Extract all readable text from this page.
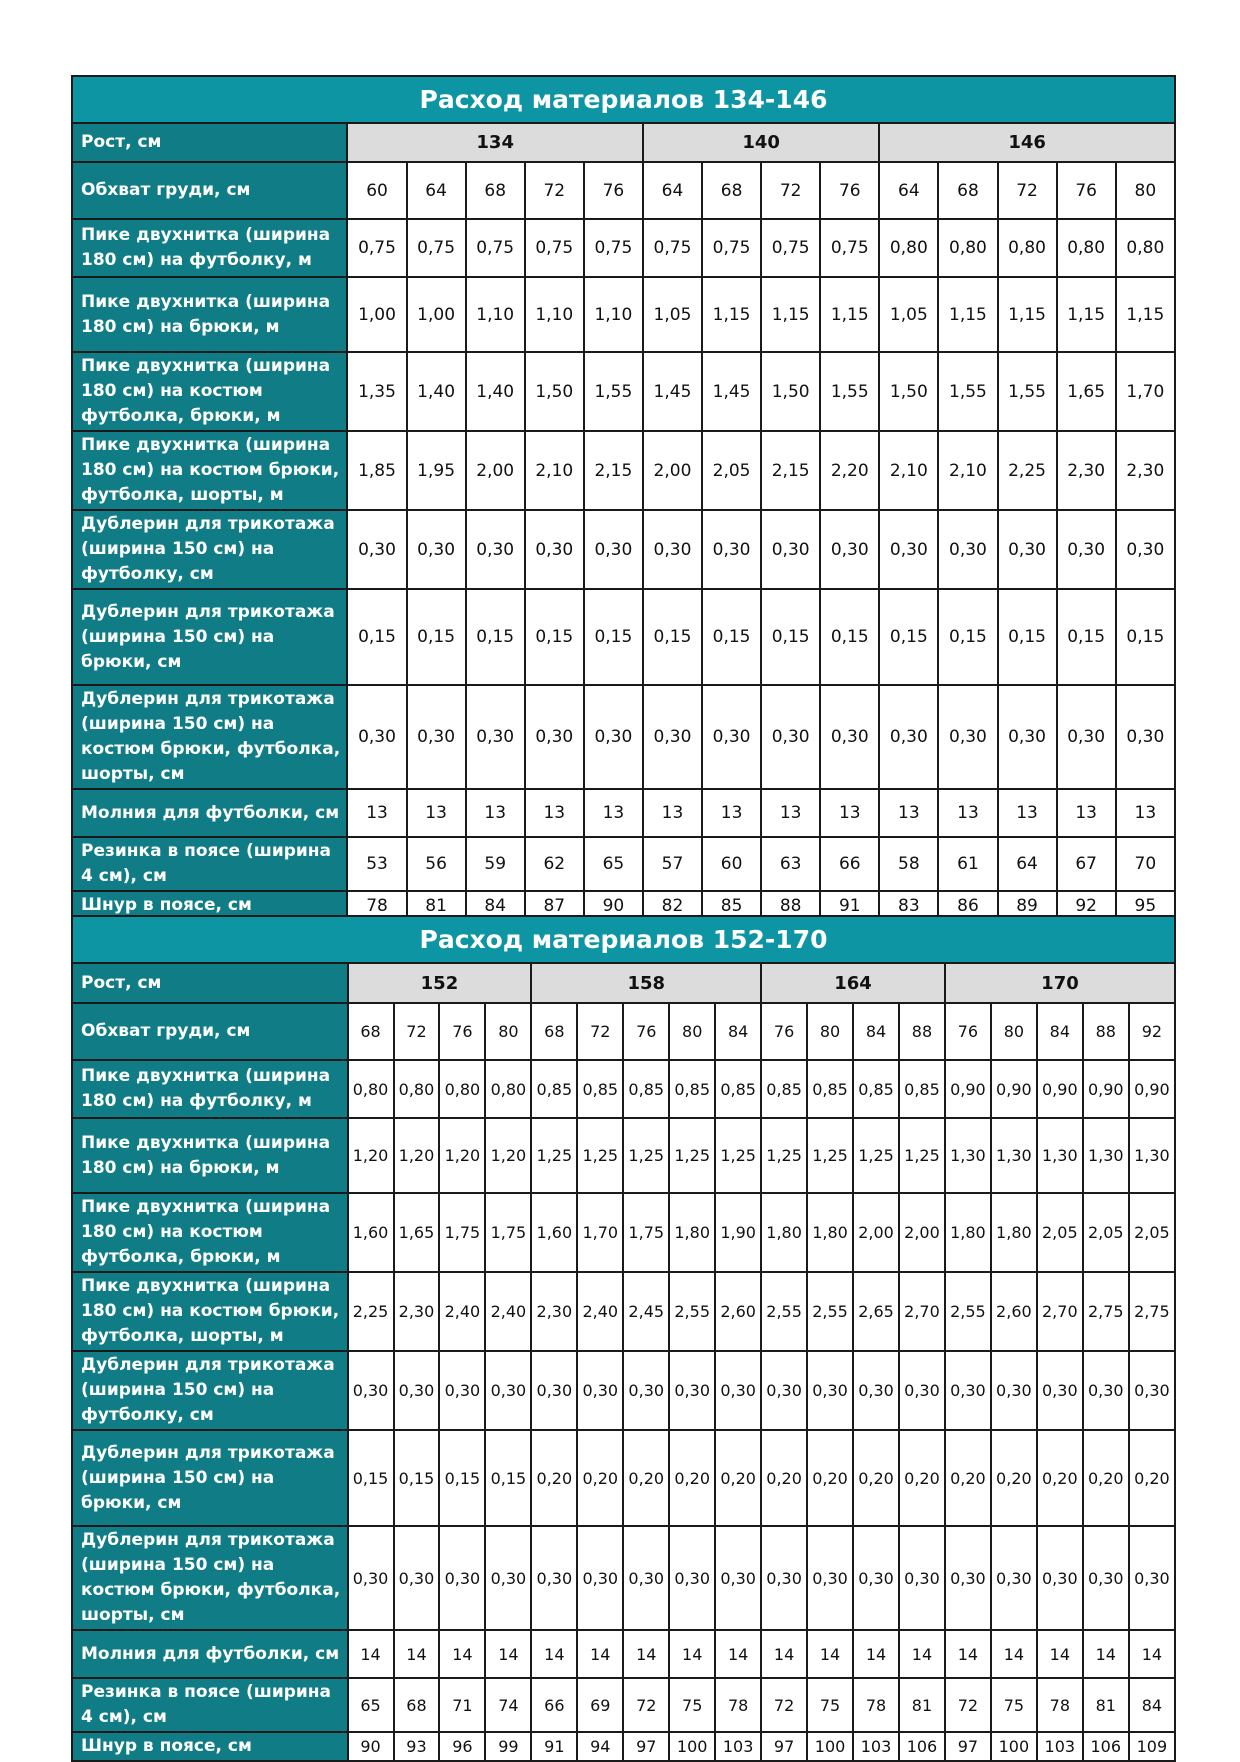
Расход материалов 134-146														
Рост, см	134					140				146				
Обхват груди, см	60	64	68	72	76	64	68	72	76	64	68	72	76	80
Пике двухнитка (ширина 180 см) на футболку, м	0,75	0,75	0,75	0,75	0,75	0,75	0,75	0,75	0,75	0,80	0,80	0,80	0,80	0,80
Пике двухнитка (ширина 180 см) на брюки, м	1,00	1,00	1,10	1,10	1,10	1,05	1,15	1,15	1,15	1,05	1,15	1,15	1,15	1,15
Пике двухнитка (ширина 180 см) на костюм футболка, брюки, м	1,35	1,40	1,40	1,50	1,55	1,45	1,45	1,50	1,55	1,50	1,55	1,55	1,65	1,70
Пике двухнитка (ширина 180 см) на костюм брюки, футболка, шорты, м	1,85	1,95	2,00	2,10	2,15	2,00	2,05	2,15	2,20	2,10	2,10	2,25	2,30	2,30
Дублерин для трикотажа (ширина 150 см) на футболку, см	0,30	0,30	0,30	0,30	0,30	0,30	0,30	0,30	0,30	0,30	0,30	0,30	0,30	0,30
Дублерин для трикотажа (ширина 150 см) на брюки, см	0,15	0,15	0,15	0,15	0,15	0,15	0,15	0,15	0,15	0,15	0,15	0,15	0,15	0,15
Дублерин для трикотажа (ширина 150 см) на костюм брюки, футболка, шорты, см	0,30	0,30	0,30	0,30	0,30	0,30	0,30	0,30	0,30	0,30	0,30	0,30	0,30	0,30
Молния для футболки, см	13	13	13	13	13	13	13	13	13	13	13	13	13	13
Резинка в поясе (ширина 4 см), см	53	56	59	62	65	57	60	63	66	58	61	64	67	70
Шнур в поясе, см	78	81	84	87	90	82	85	88	91	83	86	89	92	95
Расход материалов 152-170																		
Рост, см	152				158					164				170				
Обхват груди, см	68	72	76	80	68	72	76	80	84	76	80	84	88	76	80	84	88	92
Пике двухнитка (ширина 180 см) на футболку, м	0,80	0,80	0,80	0,80	0,85	0,85	0,85	0,85	0,85	0,85	0,85	0,85	0,85	0,90	0,90	0,90	0,90	0,90
Пике двухнитка (ширина 180 см) на брюки, м	1,20	1,20	1,20	1,20	1,25	1,25	1,25	1,25	1,25	1,25	1,25	1,25	1,25	1,30	1,30	1,30	1,30	1,30
Пике двухнитка (ширина 180 см) на костюм футболка, брюки, м	1,60	1,65	1,75	1,75	1,60	1,70	1,75	1,80	1,90	1,80	1,80	2,00	2,00	1,80	1,80	2,05	2,05	2,05
Пике двухнитка (ширина 180 см) на костюм брюки, футболка, шорты, м	2,25	2,30	2,40	2,40	2,30	2,40	2,45	2,55	2,60	2,55	2,55	2,65	2,70	2,55	2,60	2,70	2,75	2,75
Дублерин для трикотажа (ширина 150 см) на футболку, см	0,30	0,30	0,30	0,30	0,30	0,30	0,30	0,30	0,30	0,30	0,30	0,30	0,30	0,30	0,30	0,30	0,30	0,30
Дублерин для трикотажа (ширина 150 см) на брюки, см	0,15	0,15	0,15	0,15	0,20	0,20	0,20	0,20	0,20	0,20	0,20	0,20	0,20	0,20	0,20	0,20	0,20	0,20
Дублерин для трикотажа (ширина 150 см) на костюм брюки, футболка, шорты, см	0,30	0,30	0,30	0,30	0,30	0,30	0,30	0,30	0,30	0,30	0,30	0,30	0,30	0,30	0,30	0,30	0,30	0,30
Молния для футболки, см	14	14	14	14	14	14	14	14	14	14	14	14	14	14	14	14	14	14
Резинка в поясе (ширина 4 см), см	65	68	71	74	66	69	72	75	78	72	75	78	81	72	75	78	81	84
Шнур в поясе, см	90	93	96	99	91	94	97	100	103	97	100	103	106	97	100	103	106	109
